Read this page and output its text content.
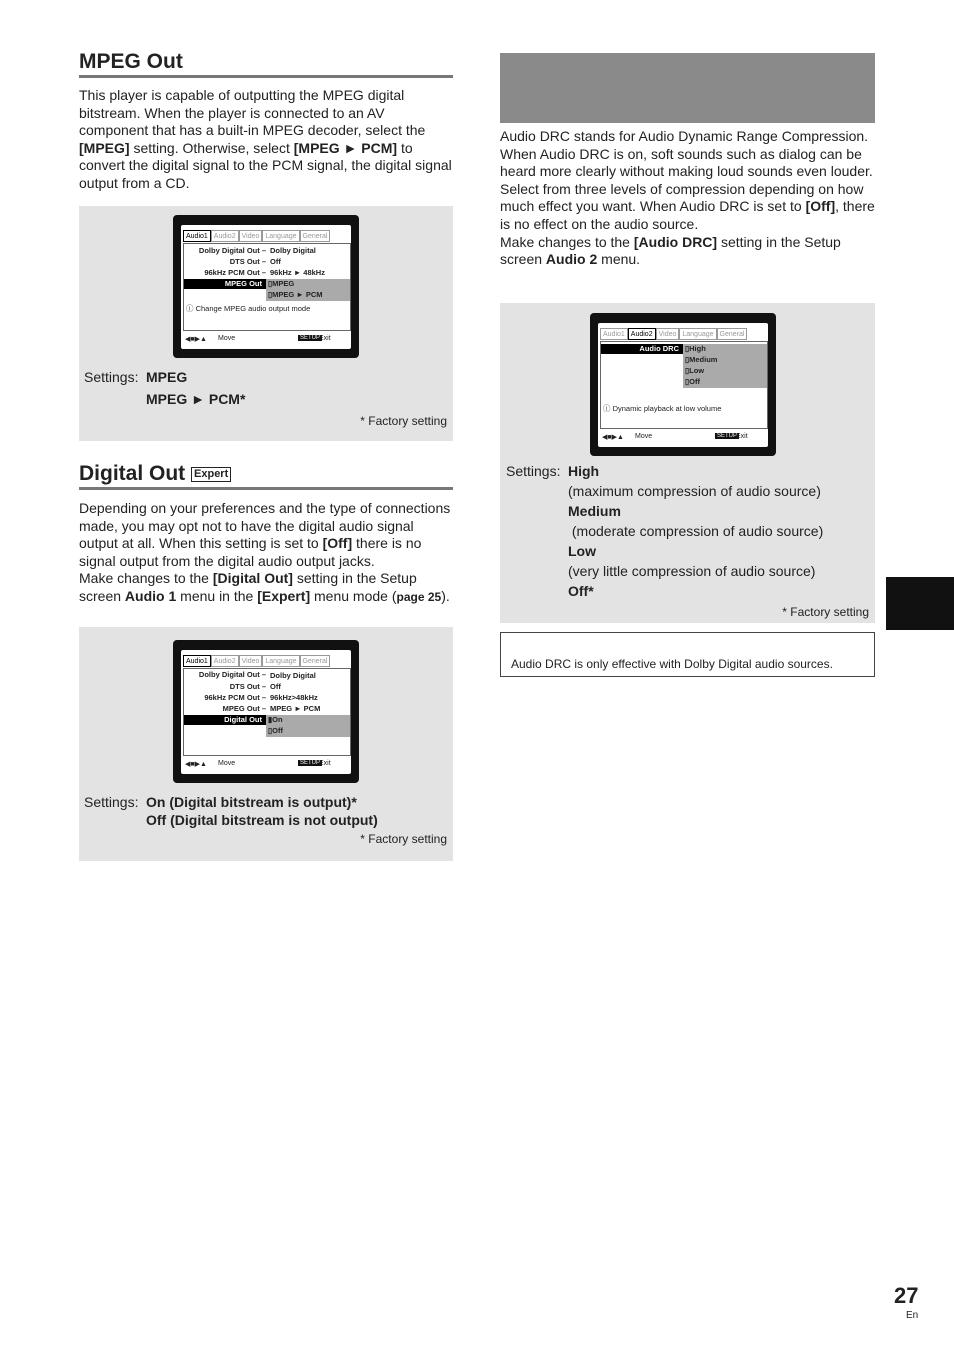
MPEG Out
This player is capable of outputting the MPEG digital bitstream. When the player is connected to an AV component that has a built-in MPEG decoder, select the [MPEG] setting. Otherwise, select [MPEG ► PCM] to convert the digital signal to the PCM signal, the digital signal output from a CD.
Audio1 Audio2 Video Language General
Dolby Digital Out – Dolby Digital
DTS Out – Off
96kHz PCM Out – 96kHz ► 48kHz
MPEG Out ▯MPEG
▯MPEG ► PCM
ⓘ Change MPEG audio output mode
◀■▶▲ Move	SETUP
Exit
Settings: MPEG
MPEG ► PCM*
* Factory setting
Digital Out Expert
Depending on your preferences and the type of connections made, you may opt not to have the digital audio signal output at all. When this setting is set to [Off] there is no signal output from the digital audio output jacks.
Make changes to the [Digital Out] setting in the Setup screen Audio 1 menu in the [Expert] menu mode (page 25).
Audio1 Audio2 Video Language General
Dolby Digital Out – Dolby Digital
DTS Out – Off
96kHz PCM Out – 96kHz>48kHz
MPEG Out – MPEG ► PCM
Digital Out ▮On
▯Off
◀■▶▲ Move	SETUP
Exit
Settings: On (Digital bitstream is output)*
Off (Digital bitstream is not output)
* Factory setting
Audio DRC stands for Audio Dynamic Range Compression. When Audio DRC is on, soft sounds such as dialog can be heard more clearly without making loud sounds even louder. Select from three levels of compression depending on how much effect you want. When Audio DRC is set to [Off], there is no effect on the audio source.
Make changes to the [Audio DRC] setting in the Setup screen Audio 2 menu.
Audio1 Audio2 Video Language General
Audio DRC ▯High
▯Medium
▯Low
▯Off
ⓘ Dynamic playback at low volume
◀■▶▲ Move	SETUP
Exit
Settings: High
(maximum compression of audio source)
Medium
(moderate compression of audio source)
Low
(very little compression of audio source)
Off*
* Factory setting
Audio DRC is only effective with Dolby Digital audio sources.
27
En
